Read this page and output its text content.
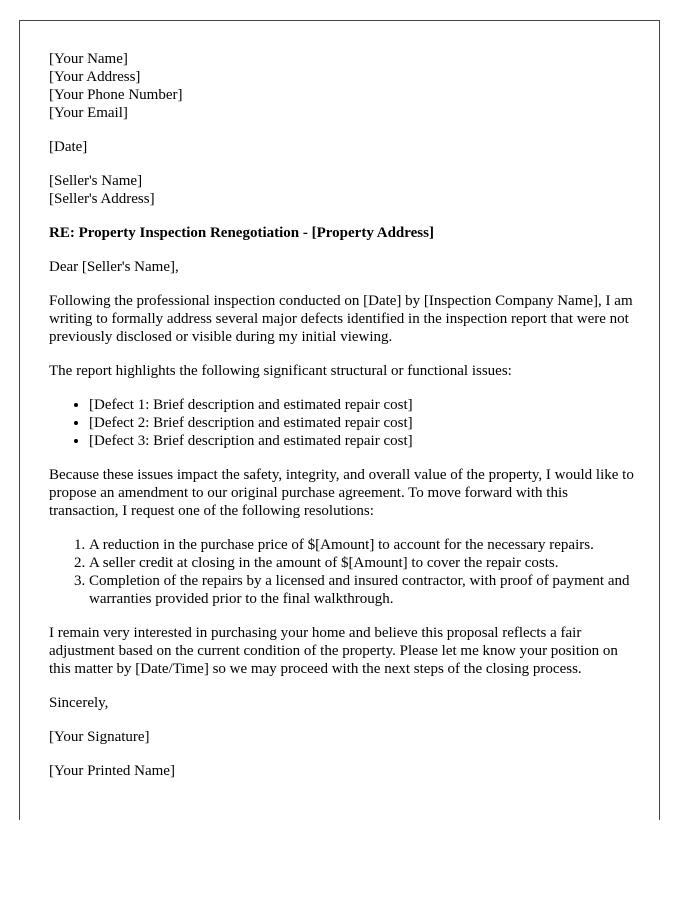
[Your Name]
[Your Address]
[Your Phone Number]
[Your Email]

[Date]

[Seller's Name]
[Seller's Address]

RE: Property Inspection Renegotiation - [Property Address]

Dear [Seller's Name],

Following the professional inspection conducted on [Date] by [Inspection Company Name], I am writing to formally address several major defects identified in the inspection report that were not previously disclosed or visible during my initial viewing.

The report highlights the following significant structural or functional issues:

• [Defect 1: Brief description and estimated repair cost]
• [Defect 2: Brief description and estimated repair cost]
• [Defect 3: Brief description and estimated repair cost]

Because these issues impact the safety, integrity, and overall value of the property, I would like to propose an amendment to our original purchase agreement. To move forward with this transaction, I request one of the following resolutions:

1. A reduction in the purchase price of $[Amount] to account for the necessary repairs.
2. A seller credit at closing in the amount of $[Amount] to cover the repair costs.
3. Completion of the repairs by a licensed and insured contractor, with proof of payment and warranties provided prior to the final walkthrough.

I remain very interested in purchasing your home and believe this proposal reflects a fair adjustment based on the current condition of the property. Please let me know your position on this matter by [Date/Time] so we may proceed with the next steps of the closing process.

Sincerely,

[Your Signature]

[Your Printed Name]
